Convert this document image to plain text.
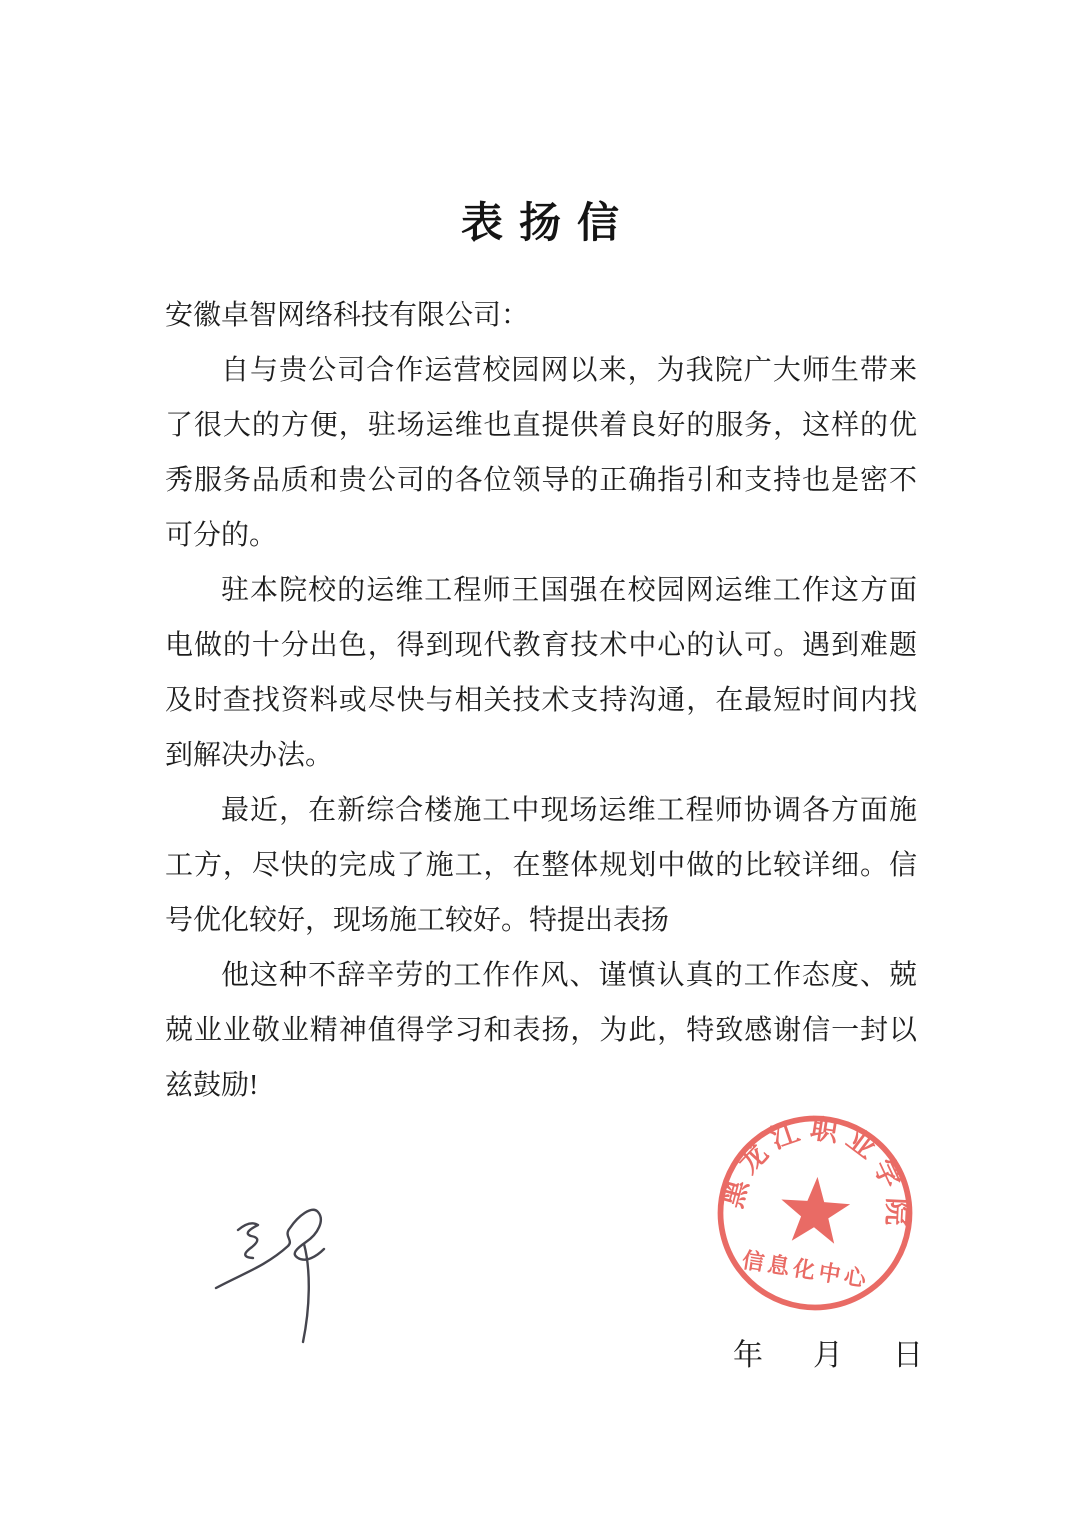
表扬信

安徽卓智网络科技有限公司：

自与贵公司合作运营校园网以来，为我院广大师生带来了很大的方便，驻场运维也直提供着良好的服务，这样的优秀服务品质和贵公司的各位领导的正确指引和支持也是密不可分的。

驻本院校的运维工程师王国强在校园网运维工作这方面电做的十分出色，得到现代教育技术中心的认可。遇到难题及时查找资料或尽快与相关技术支持沟通，在最短时间内找到解决办法。

最近，在新综合楼施工中现场运维工程师协调各方面施工方，尽快的完成了施工，在整体规划中做的比较详细。信号优化较好，现场施工较好。特提出表扬

他这种不辞辛劳的工作作风、谨慎认真的工作态度、兢兢业业敬业精神值得学习和表扬，为此，特致感谢信一封以兹鼓励!

黑龙江职业学院
信息化中心
年 月 日
